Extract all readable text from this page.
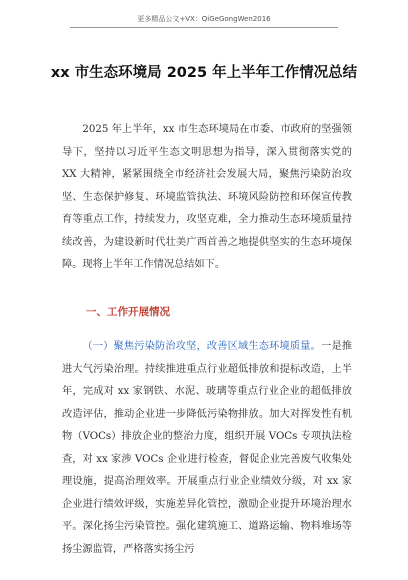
更多精品公文+VX：QiGeGongWen2016
xx 市生态环境局 2025 年上半年工作情况总结
2025 年上半年，xx 市生态环境局在市委、市政府的坚强领导下，坚持以习近平生态文明思想为指导，深入贯彻落实党的 XX 大精神，紧紧围绕全市经济社会发展大局，聚焦污染防治攻坚、生态保护修复、环境监管执法、环境风险防控和环保宣传教育等重点工作，持续发力，攻坚克难，全力推动生态环境质量持续改善，为建设新时代壮美广西首善之地提供坚实的生态环境保障。现将上半年工作情况总结如下。
一、工作开展情况
（一）聚焦污染防治攻坚，改善区域生态环境质量。一是推进大气污染治理。持续推进重点行业超低排放和提标改造，上半年，完成对 xx 家钢铁、水泥、玻璃等重点行业企业的超低排放改造评估，推动企业进一步降低污染物排放。加大对挥发性有机物（VOCs）排放企业的整治力度，组织开展 VOCs 专项执法检查，对 xx 家涉 VOCs 企业进行检查，督促企业完善废气收集处理设施，提高治理效率。开展重点行业企业绩效分级，对 xx 家企业进行绩效评级，实施差异化管控，激励企业提升环境治理水平。深化扬尘污染管控。强化建筑施工、道路运输、物料堆场等扬尘源监管，严格落实扬尘污
